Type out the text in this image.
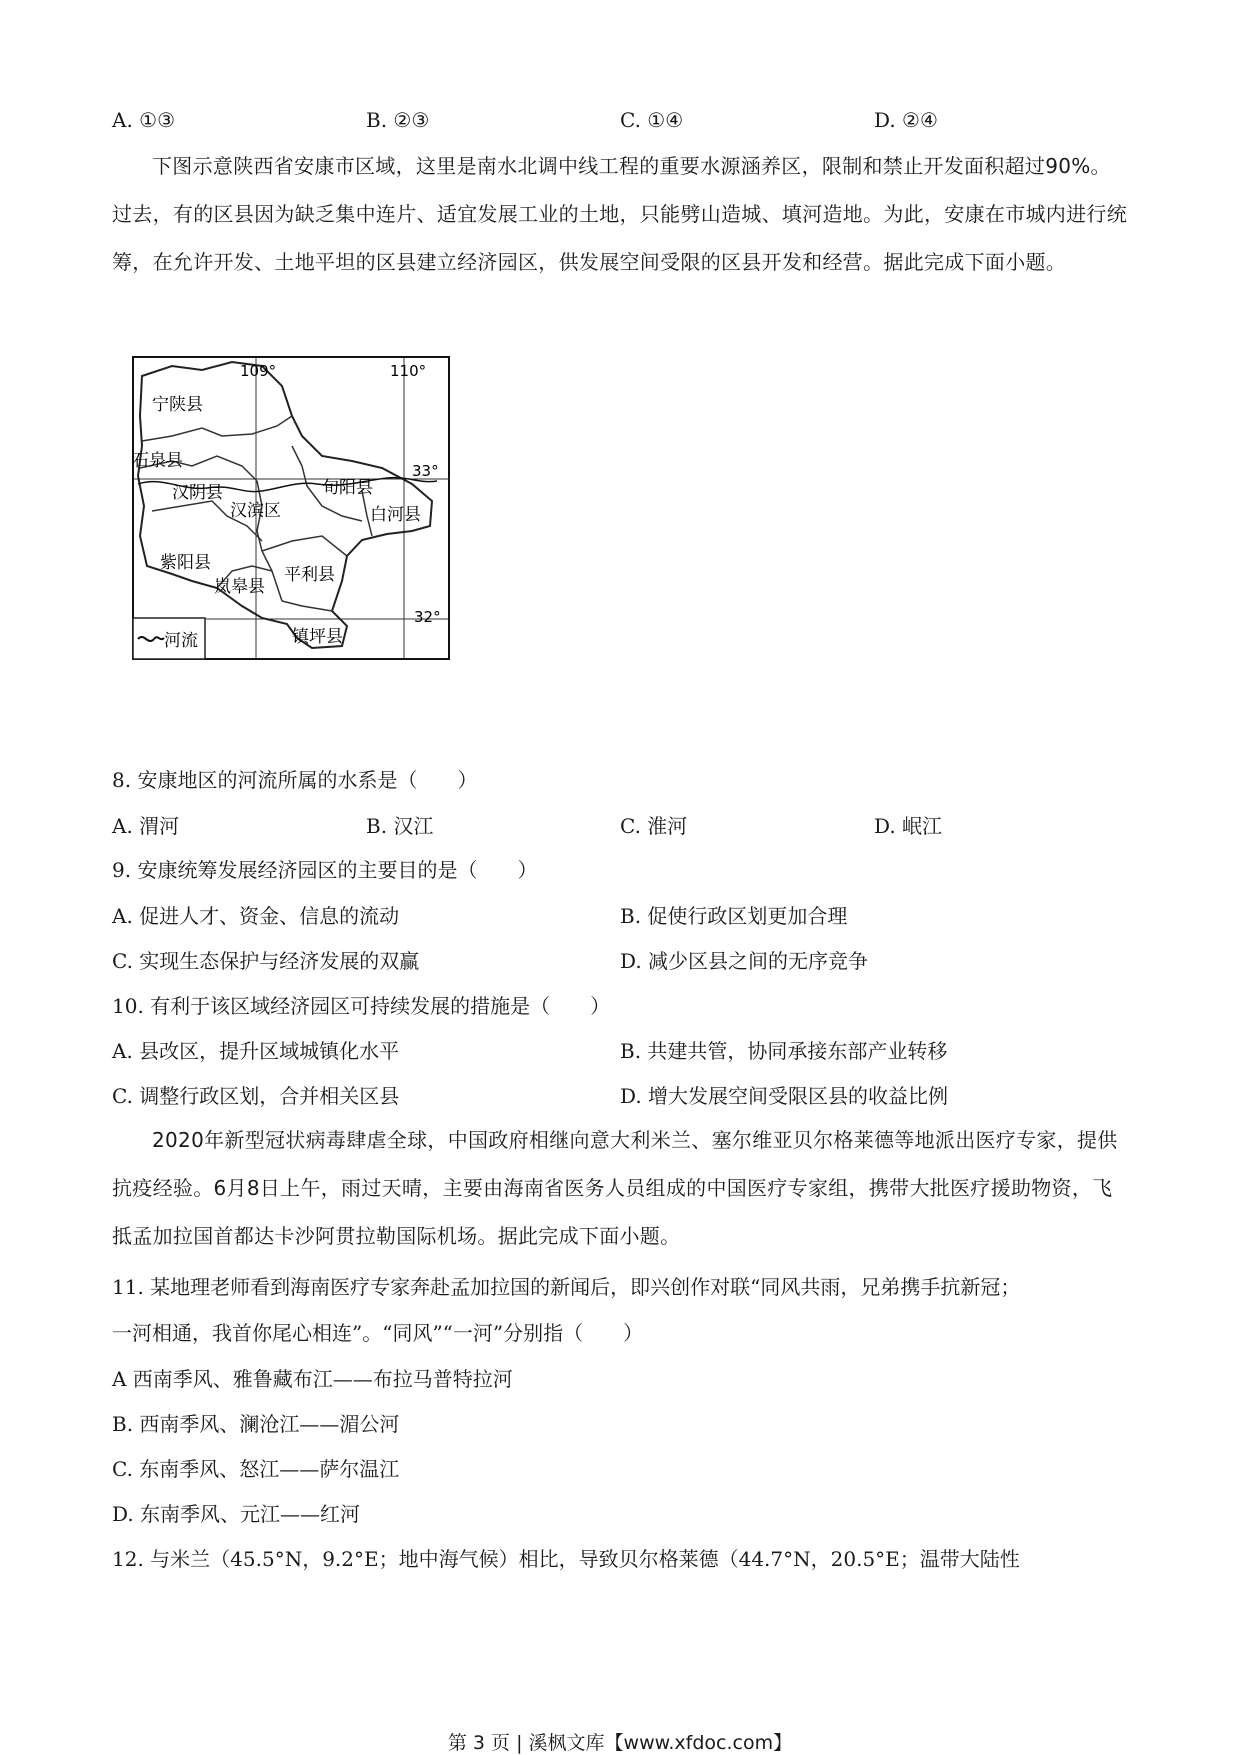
A. ①③	B. ②③	C. ①④	D. ②④

下图示意陕西省安康市区域，这里是南水北调中线工程的重要水源涵养区，限制和禁止开发面积超过90%。过去，有的区县因为缺乏集中连片、适宜发展工业的土地，只能劈山造城、填河造地。为此，安康在市城内进行统筹，在允许开发、土地平坦的区县建立经济园区，供发展空间受限的区县开发和经营。据此完成下面小题。

109°	110°
33°
32°
宁陕县
石泉县
汉阴县
汉滨区
旬阳县
白河县
紫阳县
岚皋县
平利县
镇坪县
河流
8. 安康地区的河流所属的水系是（　　）
A. 渭河	B. 汉江	C. 淮河	D. 岷江
9. 安康统筹发展经济园区的主要目的是（　　）
A. 促进人才、资金、信息的流动	B. 促使行政区划更加合理
C. 实现生态保护与经济发展的双赢	D. 减少区县之间的无序竞争
10. 有利于该区域经济园区可持续发展的措施是（　　）
A. 县改区，提升区域城镇化水平	B. 共建共管，协同承接东部产业转移
C. 调整行政区划，合并相关区县	D. 增大发展空间受限区县的收益比例

2020年新型冠状病毒肆虐全球，中国政府相继向意大利米兰、塞尔维亚贝尔格莱德等地派出医疗专家，提供抗疫经验。6月8日上午，雨过天晴，主要由海南省医务人员组成的中国医疗专家组，携带大批医疗援助物资，飞抵孟加拉国首都达卡沙阿贯拉勒国际机场。据此完成下面小题。

11. 某地理老师看到海南医疗专家奔赴孟加拉国的新闻后，即兴创作对联“同风共雨，兄弟携手抗新冠；
一河相通，我首你尾心相连”。“同风”“一河”分别指（　　）
A 西南季风、雅鲁藏布江——布拉马普特拉河
B. 西南季风、澜沧江——湄公河
C. 东南季风、怒江——萨尔温江
D. 东南季风、元江——红河
12. 与米兰（45.5°N，9.2°E；地中海气候）相比，导致贝尔格莱德（44.7°N，20.5°E；温带大陆性
第 3 页 | 溪枫文库【www.xfdoc.com】
